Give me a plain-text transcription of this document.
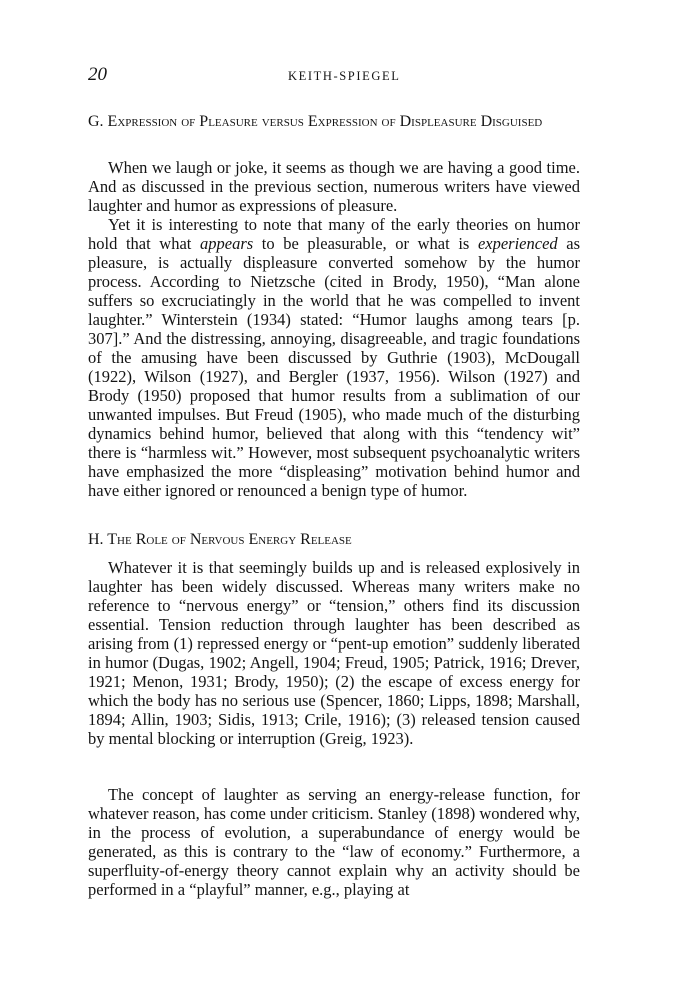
20	KEITH-SPIEGEL
G. Expression of Pleasure versus Expression of Displeasure Disguised

When we laugh or joke, it seems as though we are having a good time. And as discussed in the previous section, numerous writers have viewed laughter and humor as expressions of pleasure.

Yet it is interesting to note that many of the early theories on humor hold that what appears to be pleasurable, or what is experienced as pleasure, is actually displeasure converted somehow by the humor process. According to Nietzsche (cited in Brody, 1950), “Man alone suffers so excruciatingly in the world that he was compelled to invent laughter.” Winterstein (1934) stated: “Humor laughs among tears [p. 307].” And the distressing, annoying, disagreeable, and tragic foundations of the amusing have been discussed by Guthrie (1903), McDougall (1922), Wilson (1927), and Bergler (1937, 1956). Wilson (1927) and Brody (1950) proposed that humor results from a sublimation of our unwanted impulses. But Freud (1905), who made much of the disturbing dynamics behind humor, believed that along with this “tendency wit” there is “harmless wit.” However, most subsequent psychoanalytic writers have emphasized the more “displeasing” motivation behind humor and have either ignored or renounced a benign type of humor.

H. The Role of Nervous Energy Release

Whatever it is that seemingly builds up and is released explosively in laughter has been widely discussed. Whereas many writers make no reference to “nervous energy” or “tension,” others find its discussion essential. Tension reduction through laughter has been described as arising from (1) repressed energy or “pent-up emotion” suddenly liberated in humor (Dugas, 1902; Angell, 1904; Freud, 1905; Patrick, 1916; Drever, 1921; Menon, 1931; Brody, 1950); (2) the escape of excess energy for which the body has no serious use (Spencer, 1860; Lipps, 1898; Marshall, 1894; Allin, 1903; Sidis, 1913; Crile, 1916); (3) released tension caused by mental blocking or interruption (Greig, 1923).

The concept of laughter as serving an energy-release function, for whatever reason, has come under criticism. Stanley (1898) wondered why, in the process of evolution, a superabundance of energy would be generated, as this is contrary to the “law of economy.” Furthermore, a superfluity-of-energy theory cannot explain why an activity should be performed in a “playful” manner, e.g., playing at
